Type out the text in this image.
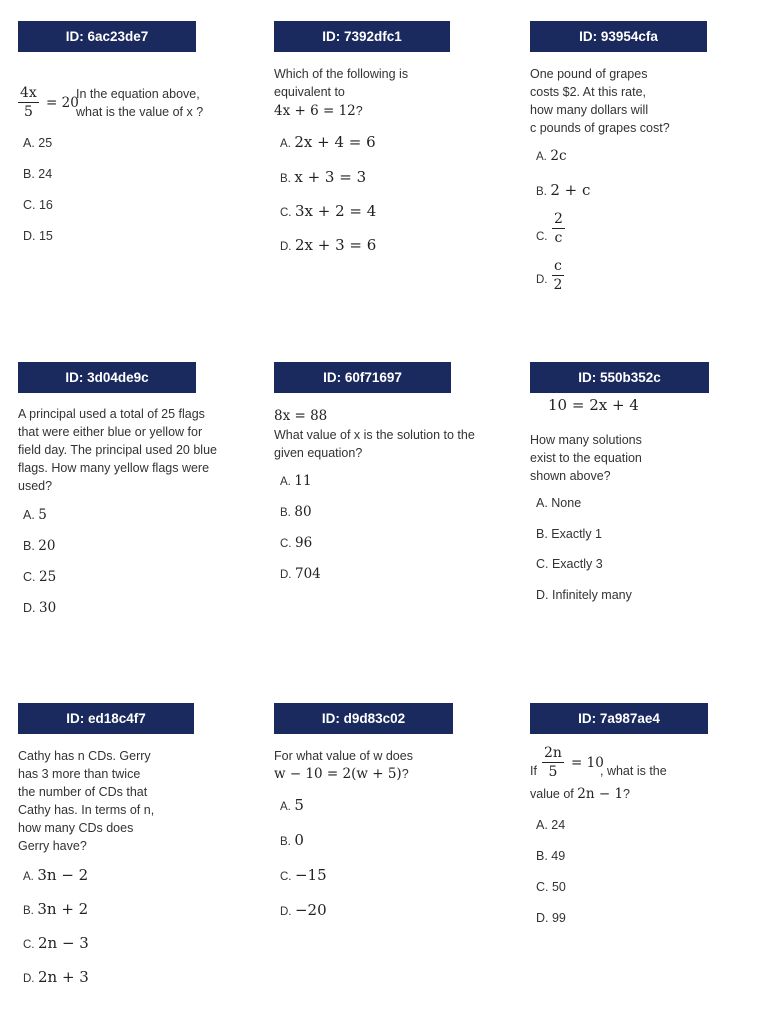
ID: 6ac23de7
4x
5
= 20
In the equation above,
what is the value of x ?
A. 25
B. 24
C. 16
D. 15
ID: 7392dfc1
Which of the following is
equivalent to
4x + 6 = 12?
A. 2x + 4 = 6
B. x + 3 = 3
C. 3x + 2 = 4
D. 2x + 3 = 6
ID: 93954cfa
One pound of grapes
costs $2. At this rate,
how many dollars will
c pounds of grapes cost?
A. 2c
B. 2 + c
C.
2
c
D.
c
2
ID: 3d04de9c
A principal used a total of 25 flags
that were either blue or yellow for
field day. The principal used 20 blue
flags. How many yellow flags were
used?
A. 5
B. 20
C. 25
D. 30
ID: 60f71697
8x = 88
What value of x is the solution to the
given equation?
A. 11
B. 80
C. 96
D. 704
ID: 550b352c
10 = 2x + 4
How many solutions
exist to the equation
shown above?
A. None
B. Exactly 1
C. Exactly 3
D. Infinitely many
ID: ed18c4f7
Cathy has n CDs. Gerry
has 3 more than twice
the number of CDs that
Cathy has. In terms of n,
how many CDs does
Gerry have?
A. 3n − 2
B. 3n + 2
C. 2n − 3
D. 2n + 3
ID: d9d83c02
For what value of w does
w − 10 = 2(w + 5)?
A. 5
B. 0
C. −15
D. −20
ID: 7a987ae4
If
2n
5
= 10
, what is the
value of 2n − 1?
A. 24
B. 49
C. 50
D. 99
